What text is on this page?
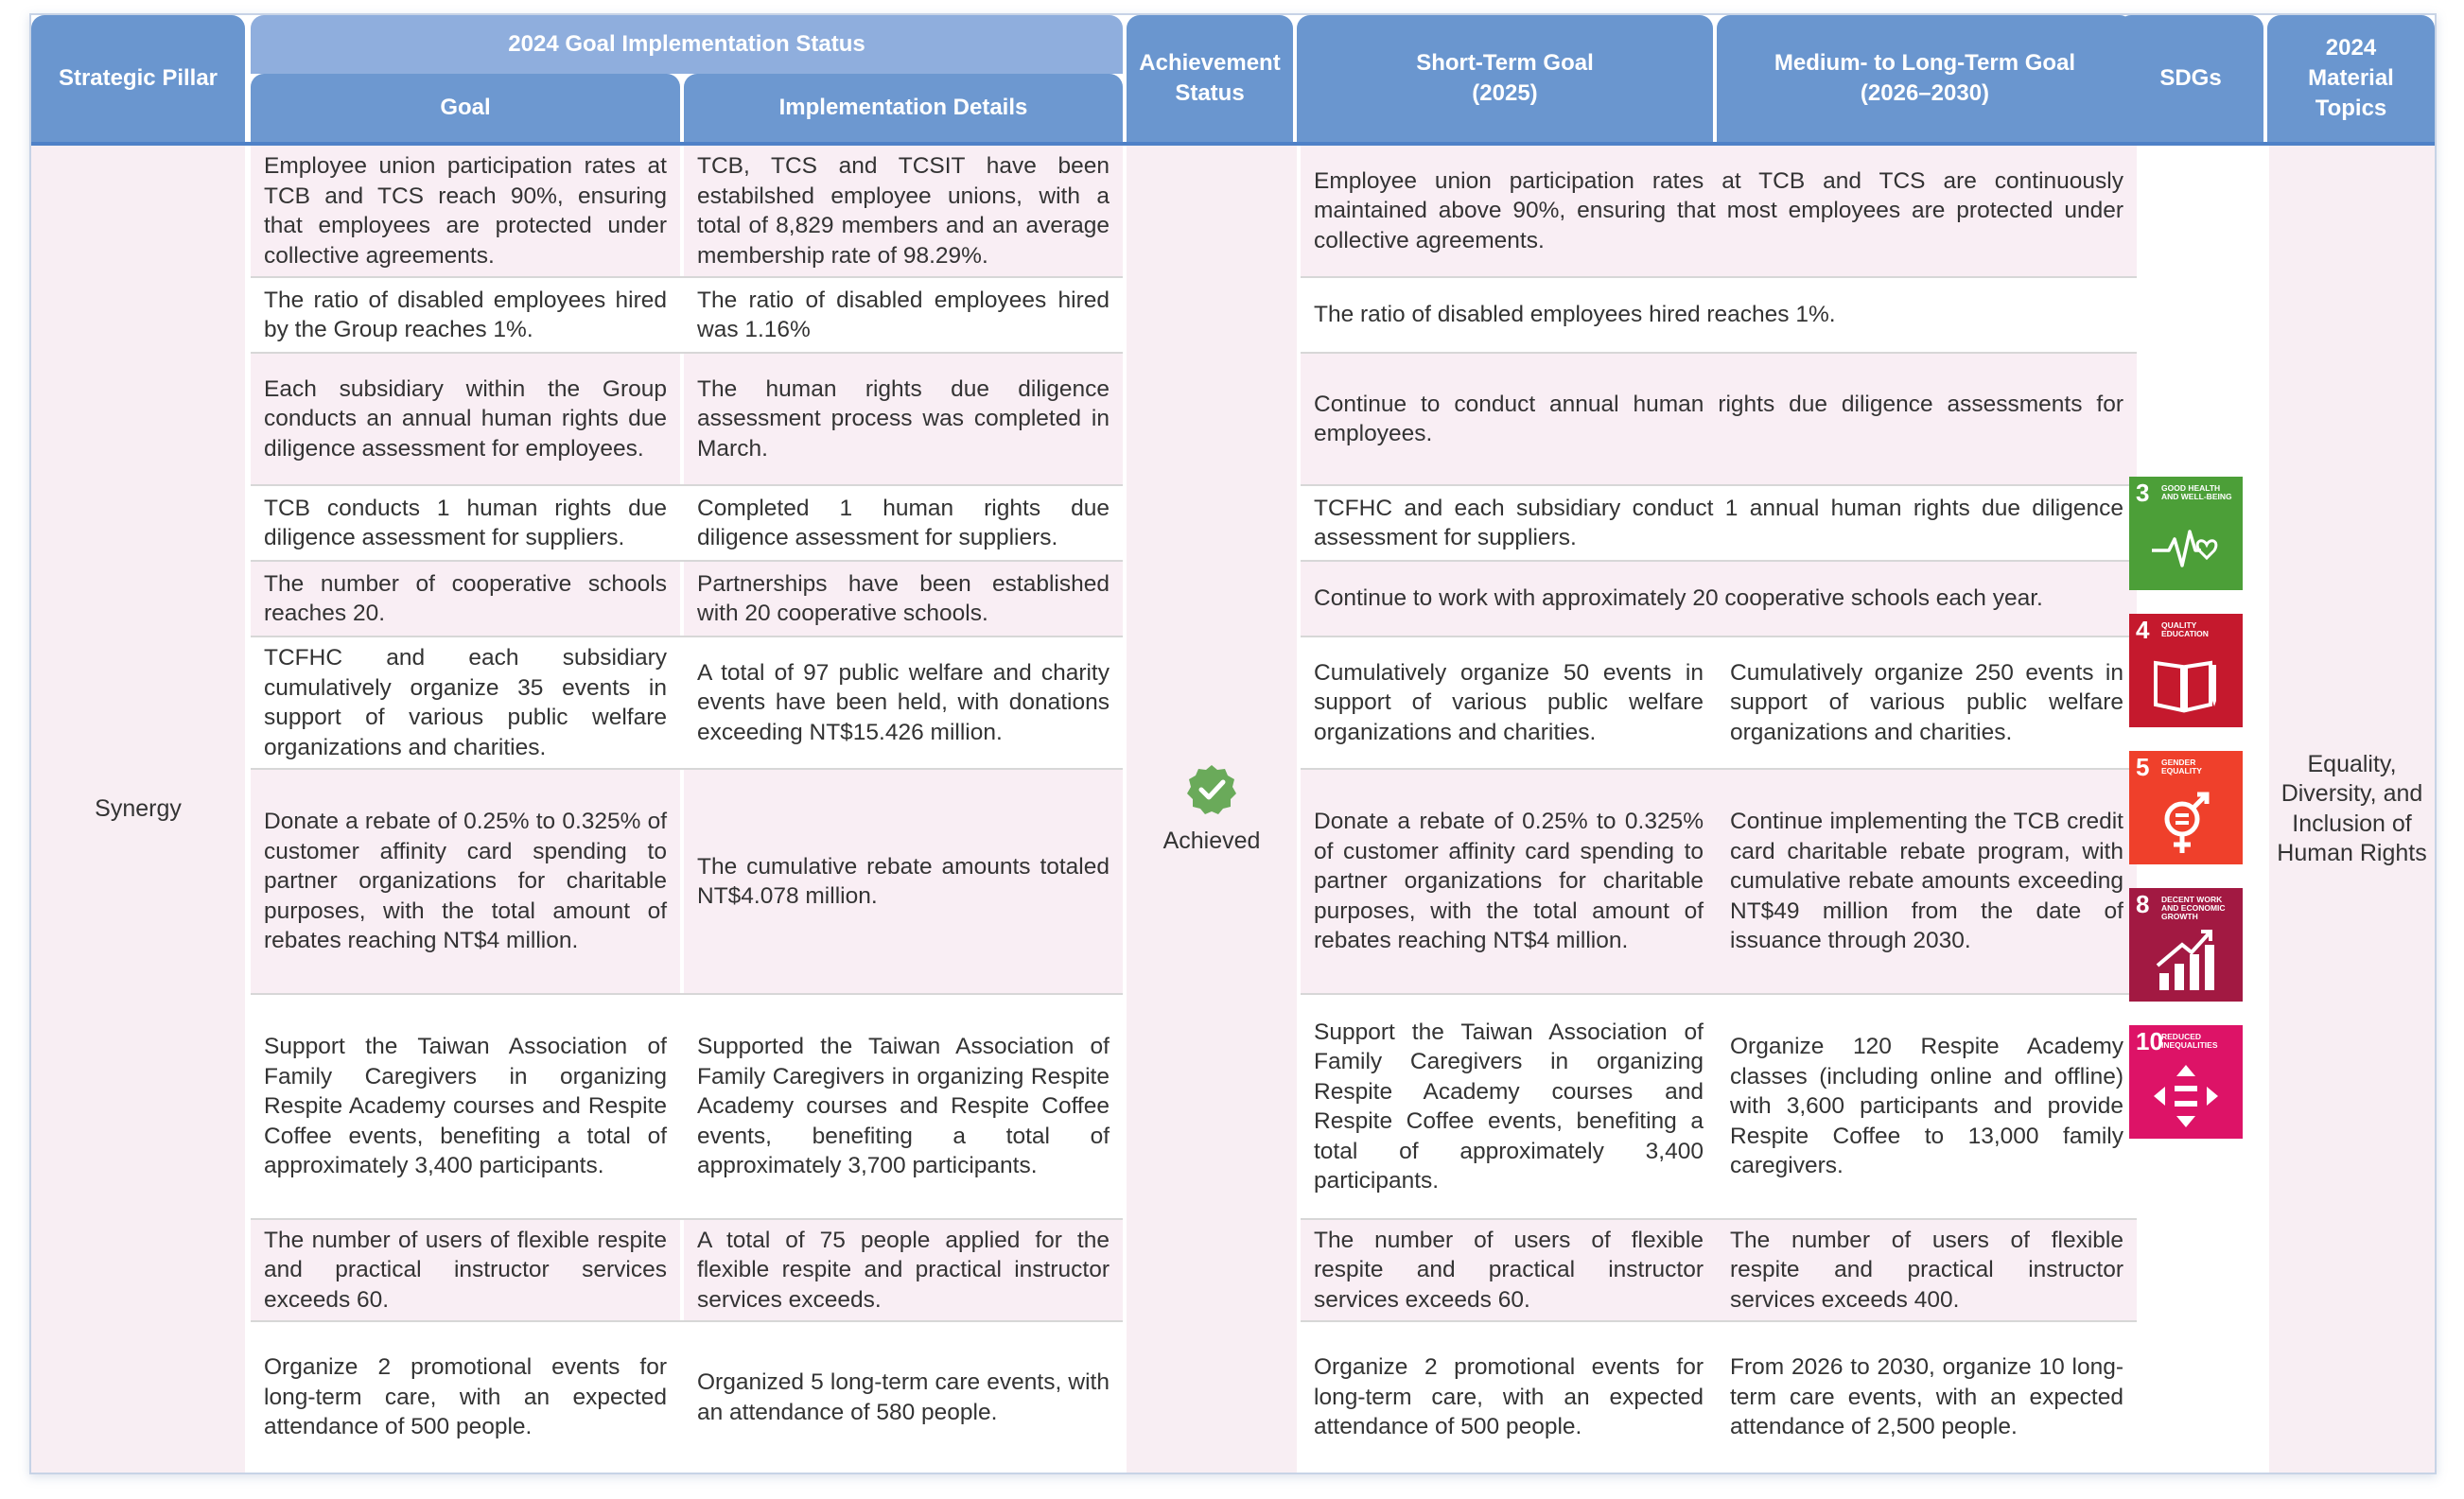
Strategic Pillar
2024 Goal Implementation Status
Goal	Implementation Details
Achievement
Status
Short-Term Goal
(2025)
Medium- to Long-Term Goal
(2026–2030)
SDGs
2024
Material
Topics
Synergy
Achieved
Equality, Diversity, and Inclusion of Human Rights
Employee union participation rates at TCB and TCS reach 90%, ensuring that employees are protected under collective agreements.
TCB, TCS and TCSIT have been estabilshed employee unions, with a total of 8,829 members and an average membership rate of 98.29%.
Employee union participation rates at TCB and TCS are continuously maintained above 90%, ensuring that most employees are protected under collective agreements.
The ratio of disabled employees hired by the Group reaches 1%.
The ratio of disabled employees hired was 1.16%
The ratio of disabled employees hired reaches 1%.
Each subsidiary within the Group conducts an annual human rights due diligence assessment for employees.
The human rights due diligence assessment process was completed in March.
Continue to conduct annual human rights due diligence assessments for employees.
TCB conducts 1 human rights due diligence assessment for suppliers.
Completed 1 human rights due diligence assessment for suppliers.
TCFHC and each subsidiary conduct 1 annual human rights due diligence assessment for suppliers.
The number of cooperative schools reaches 20.
Partnerships have been established with 20 cooperative schools.
Continue to work with approximately 20 cooperative schools each year.
TCFHC and each subsidiary cumulatively organize 35 events in support of various public welfare organizations and charities.
A total of 97 public welfare and charity events have been held, with donations exceeding NT$15.426 million.
Cumulatively organize 50 events in support of various public welfare organizations and charities.
Cumulatively organize 250 events in support of various public welfare organizations and charities.
Donate a rebate of 0.25% to 0.325% of customer affinity card spending to partner organizations for charitable purposes, with the total amount of rebates reaching NT$4 million.
The cumulative rebate amounts totaled NT$4.078 million.
Donate a rebate of 0.25% to 0.325% of customer affinity card spending to partner organizations for charitable purposes, with the total amount of rebates reaching NT$4 million.
Continue implementing the TCB credit card charitable rebate program, with cumulative rebate amounts exceeding NT$49 million from the date of issuance through 2030.
Support the Taiwan Association of Family Caregivers in organizing Respite Academy courses and Respite Coffee events, benefiting a total of approximately 3,400 participants.
Supported the Taiwan Association of Family Caregivers in organizing Respite Academy courses and Respite Coffee events, benefiting a total of approximately 3,700 participants.
Support the Taiwan Association of Family Caregivers in organizing Respite Academy courses and Respite Coffee events, benefiting a total of approximately 3,400 participants.
Organize 120 Respite Academy classes (including online and offline) with 3,600 participants and provide Respite Coffee to 13,000 family caregivers.
The number of users of flexible respite and practical instructor services exceeds 60.
A total of 75 people applied for the flexible respite and practical instructor services exceeds.
The number of users of flexible respite and practical instructor services exceeds 60.
The number of users of flexible respite and practical instructor services exceeds 400.
Organize 2 promotional events for long-term care, with an expected attendance of 500 people.
Organized 5 long-term care events, with an attendance of 580 people.
Organize 2 promotional events for long-term care, with an expected attendance of 500 people.
From 2026 to 2030, organize 10 long-term care events, with an expected attendance of 2,500 people.
3 GOOD HEALTH AND WELL-BEING
4 QUALITY EDUCATION
5 GENDER EQUALITY
8 DECENT WORK AND ECONOMIC GROWTH
10
REDUCED INEQUALITIES
